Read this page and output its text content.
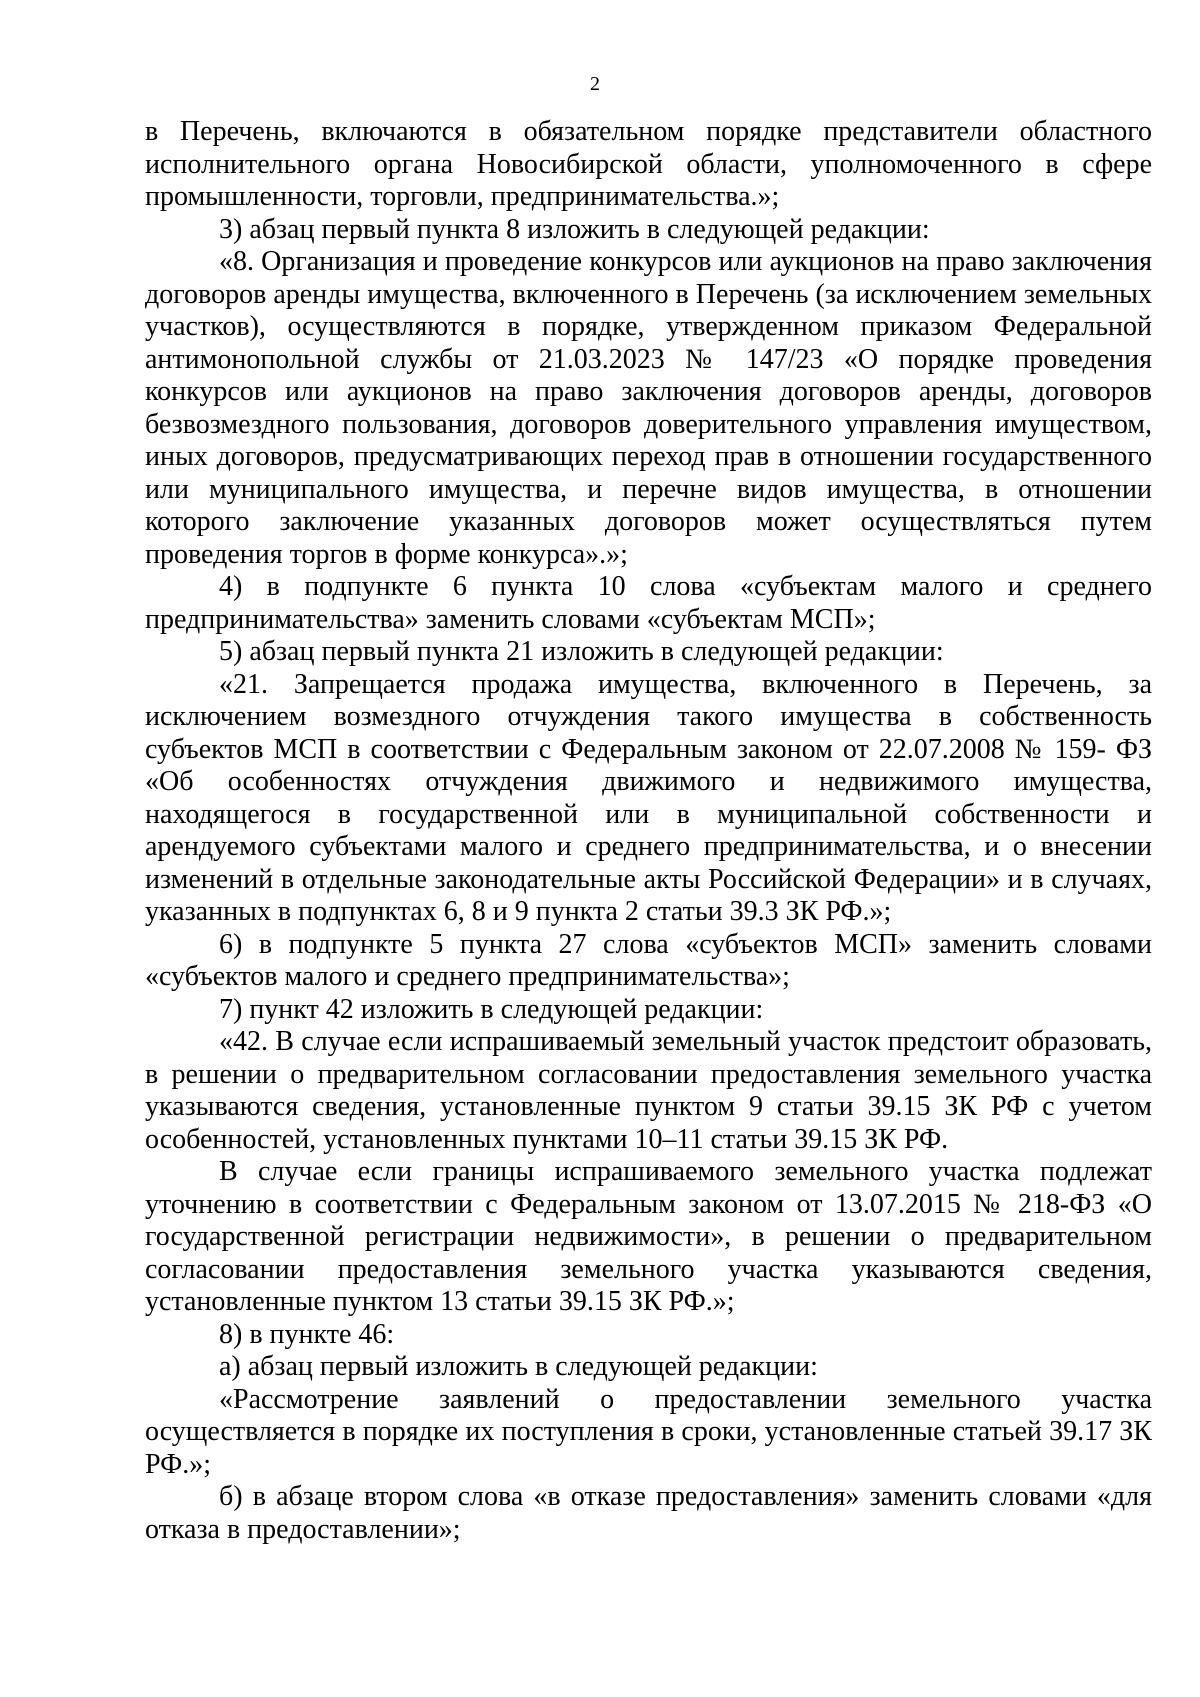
2

в Перечень, включаются в обязательном порядке представители областного исполнительного органа Новосибирской области, уполномоченного в сфере промышленности, торговли, предпринимательства.»;

3) абзац первый пункта 8 изложить в следующей редакции:

«8. Организация и проведение конкурсов или аукционов на право заключения договоров аренды имущества, включенного в Перечень (за исключением земельных участков), осуществляются в порядке, утвержденном приказом Федеральной антимонопольной службы от 21.03.2023 № 147/23 «О порядке проведения конкурсов или аукционов на право заключения договоров аренды, договоров безвозмездного пользования, договоров доверительного управления имуществом, иных договоров, предусматривающих переход прав в отношении государственного или муниципального имущества, и перечне видов имущества, в отношении которого заключение указанных договоров может осуществляться путем проведения торгов в форме конкурса».»;

4) в подпункте 6 пункта 10 слова «субъектам малого и среднего предпринимательства» заменить словами «субъектам МСП»;

5) абзац первый пункта 21 изложить в следующей редакции:

«21. Запрещается продажа имущества, включенного в Перечень, за исключением возмездного отчуждения такого имущества в собственность субъектов МСП в соответствии с Федеральным законом от 22.07.2008 № 159- ФЗ «Об особенностях отчуждения движимого и недвижимого имущества, находящегося в государственной или в муниципальной собственности и арендуемого субъектами малого и среднего предпринимательства, и о внесении изменений в отдельные законодательные акты Российской Федерации» и в случаях, указанных в подпунктах 6, 8 и 9 пункта 2 статьи 39.3 ЗК РФ.»;

6) в подпункте 5 пункта 27 слова «субъектов МСП» заменить словами «субъектов малого и среднего предпринимательства»;

7) пункт 42 изложить в следующей редакции:

«42. В случае если испрашиваемый земельный участок предстоит образовать, в решении о предварительном согласовании предоставления земельного участка указываются сведения, установленные пунктом 9 статьи 39.15 ЗК РФ с учетом особенностей, установленных пунктами 10–11 статьи 39.15 ЗК РФ.

В случае если границы испрашиваемого земельного участка подлежат уточнению в соответствии с Федеральным законом от 13.07.2015 № 218-ФЗ «О государственной регистрации недвижимости», в решении о предварительном согласовании предоставления земельного участка указываются сведения, установленные пунктом 13 статьи 39.15 ЗК РФ.»;

8) в пункте 46:

а) абзац первый изложить в следующей редакции:

«Рассмотрение заявлений о предоставлении земельного участка осуществляется в порядке их поступления в сроки, установленные статьей 39.17 ЗК РФ.»;

б) в абзаце втором слова «в отказе предоставления» заменить словами «для отказа в предоставлении»;
